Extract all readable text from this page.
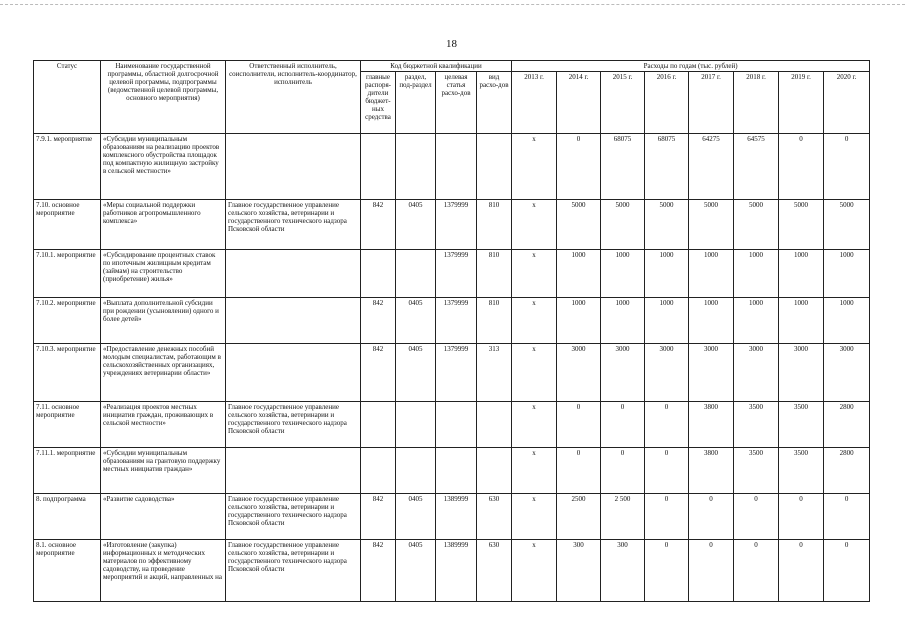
18
Статус	Наименование государственной программы, областной долгосрочной целевой программы, подпрограммы (ведомственной целевой программы, основного мероприятия)	Ответственный исполнитель, соисполнители, исполнитель-координатор, исполнитель	Код бюджетной квалификации				Расходы по годам (тыс. рублей)							
			главные распоря-дители бюджет-ных средства	раздел, под-раздел	целевая статья расхо-дов	вид расхо-дов	2013 г.	2014 г.	2015 г.	2016 г.	2017 г.	2018 г.	2019 г.	2020 г.
7.9.1. мероприятие	«Субсидии муниципальным образованиям на реализацию проектов комплексного обустройства площадок под компактную жилищную застройку в сельской местности»						х	0	68075	68075	64275	64575	0	0
7.10. основное мероприятие	«Меры социальной поддержки работников агропромышленного комплекса»	Главное государственное управление сельского хозяйства, ветеринарии и государственного технического надзора Псковской области	842	0405	1379999	810	х	5000	5000	5000	5000	5000	5000	5000
7.10.1. мероприятие	«Субсидирование процентных ставок по ипотечным жилищным кредитам (займам) на строительство (приобретение) жилья»				1379999	810	х	1000	1000	1000	1000	1000	1000	1000
7.10.2. мероприятие	«Выплата дополнительной субсидии при рождении (усыновлении) одного и более детей»		842	0405	1379999	810	х	1000	1000	1000	1000	1000	1000	1000
7.10.3. мероприятие	«Предоставление денежных пособий молодым специалистам, работающим в сельскохозяйственных организациях, учреждениях ветеринарии области»		842	0405	1379999	313	х	3000	3000	3000	3000	3000	3000	3000
7.11. основное мероприятие	«Реализация проектов местных инициатив граждан, проживающих в сельской местности»	Главное государственное управление сельского хозяйства, ветеринарии и государственного технического надзора Псковской области					х	0	0	0	3800	3500	3500	2800
7.11.1. мероприятие	«Субсидии муниципальным образованиям на грантовую поддержку местных инициатив граждан»						х	0	0	0	3800	3500	3500	2800
8. подпрограмма	«Развитие садоводства»	Главное государственное управление сельского хозяйства, ветеринарии и государственного технического надзора Псковской области	842	0405	1389999	630	х	2500	2 500	0	0	0	0	0
8.1. основное мероприятие	«Изготовление (закупка) информационных и методических материалов по эффективному садоводству, на проведение мероприятий и акций, направленных на	Главное государственное управление сельского хозяйства, ветеринарии и государственного технического надзора Псковской области	842	0405	1389999	630	х	300	300	0	0	0	0	0
